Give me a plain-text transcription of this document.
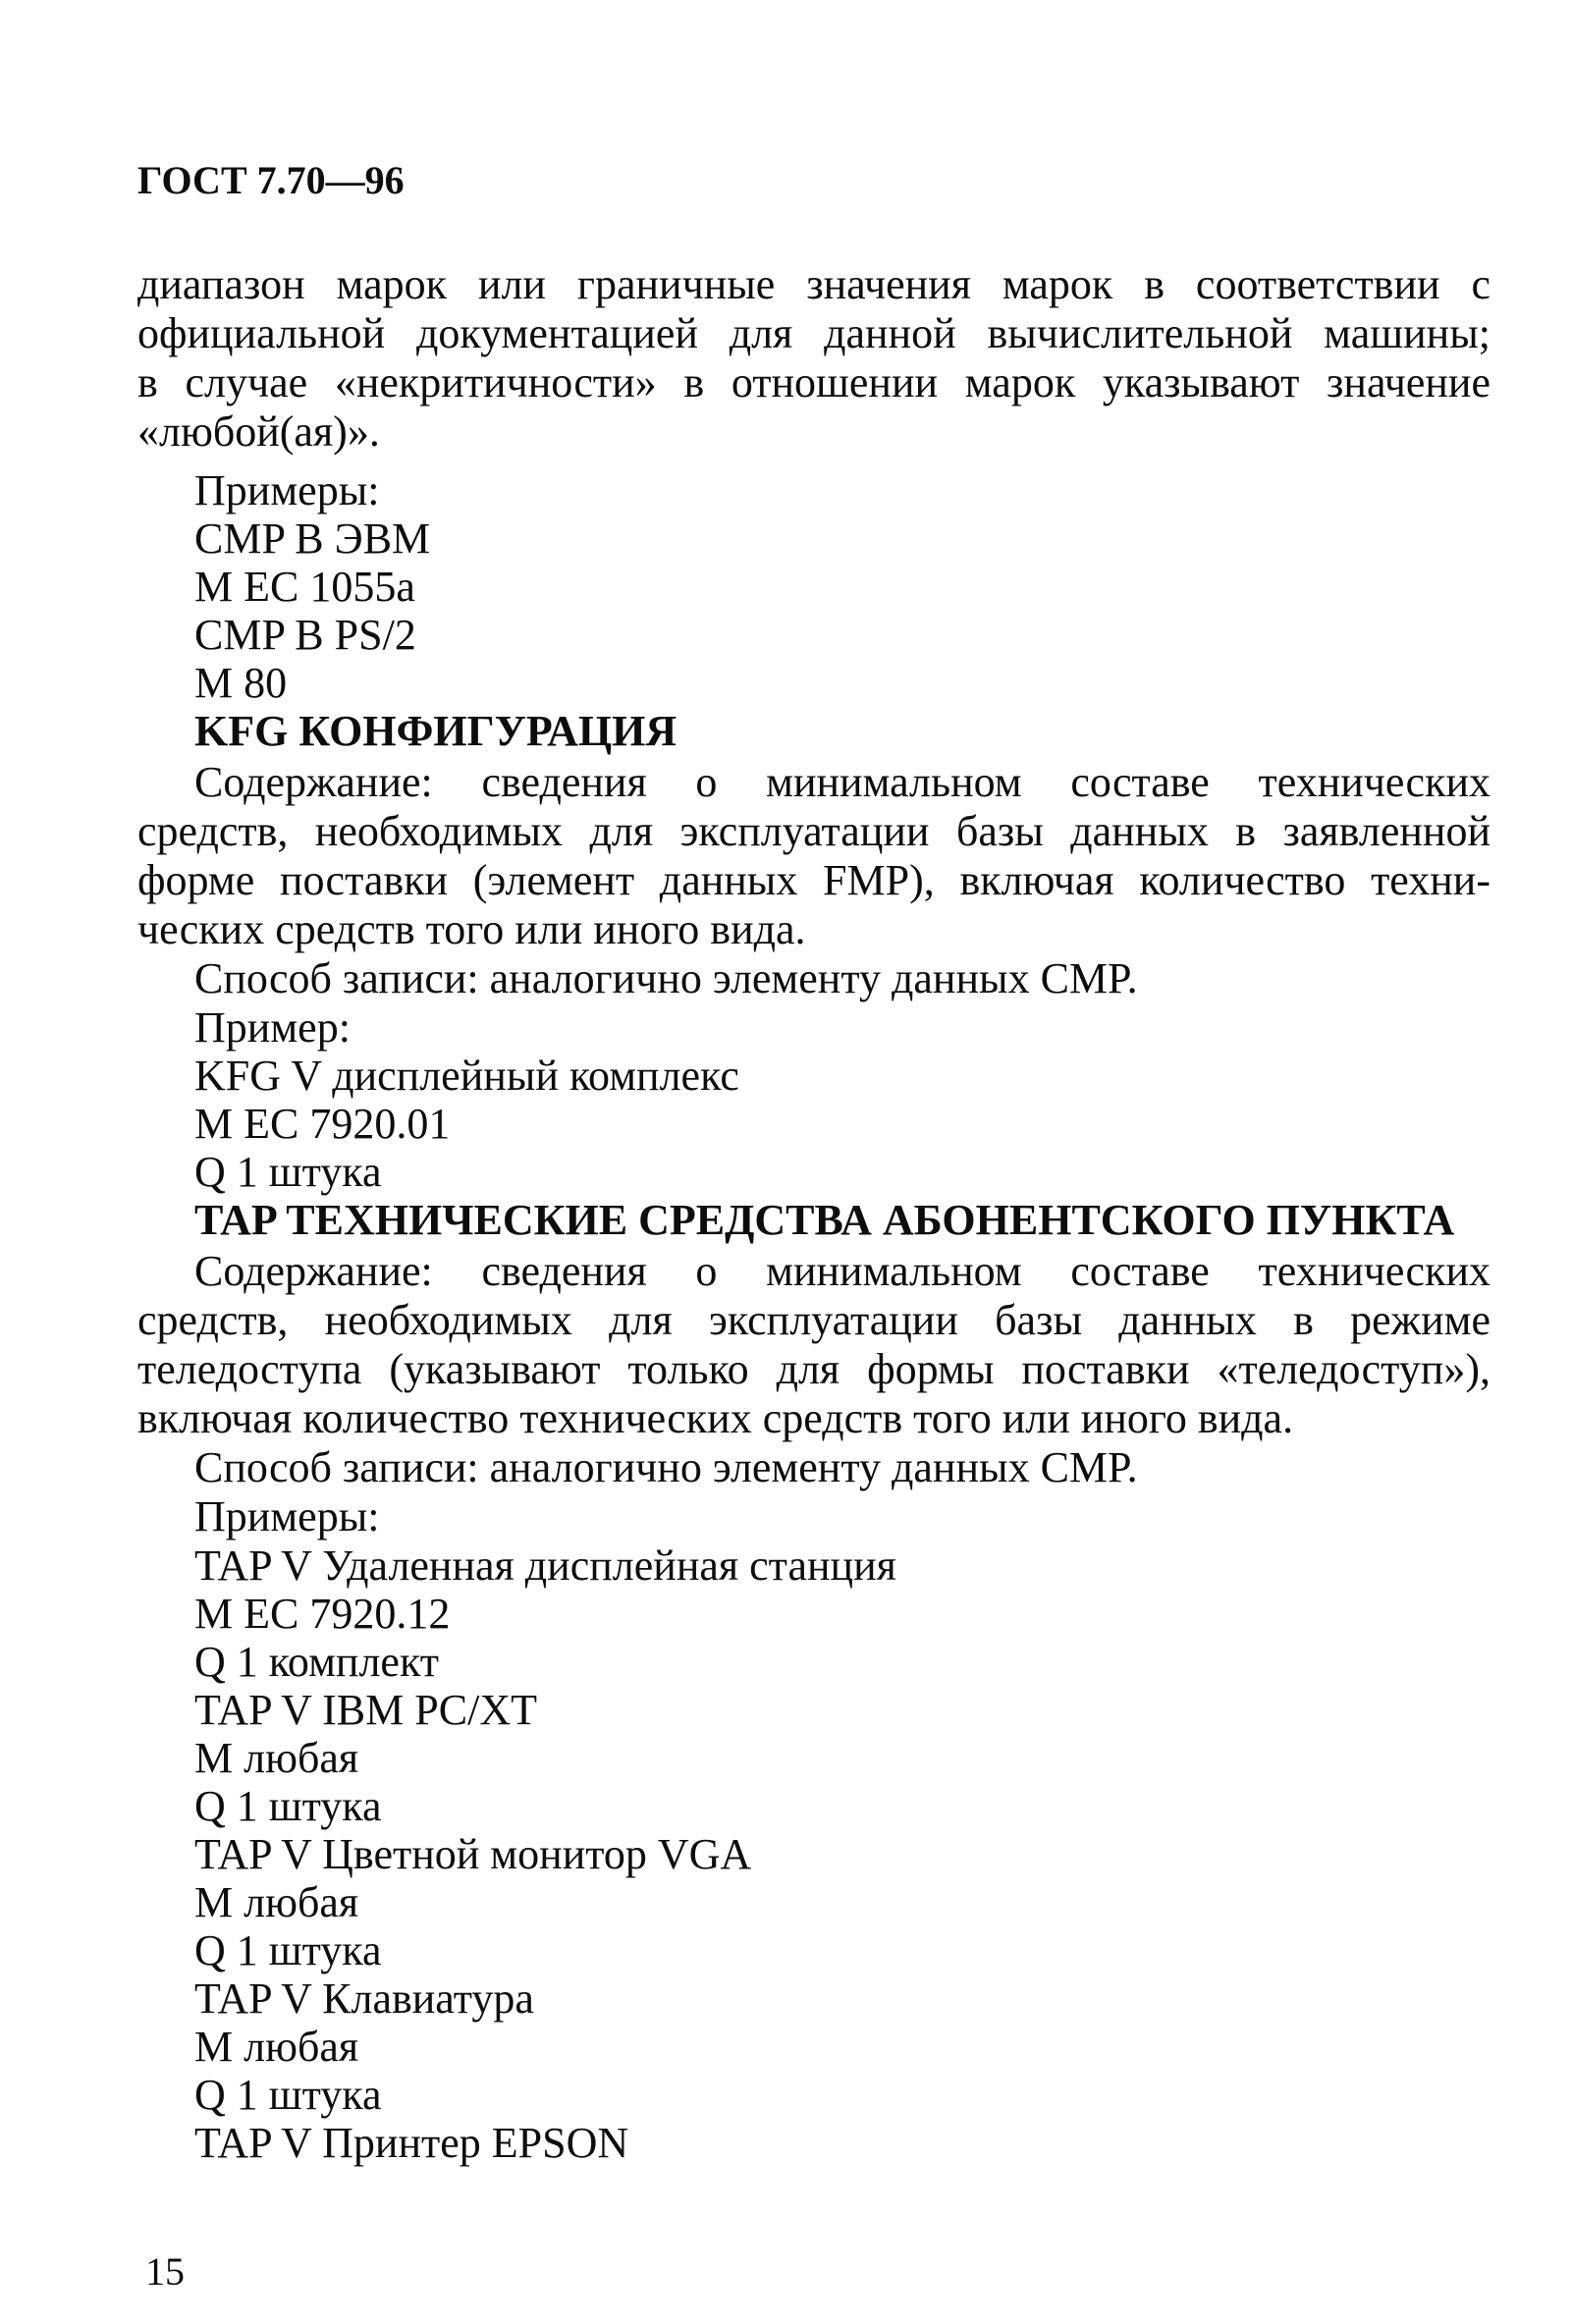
ГОСТ 7.70—96
диапазон марок или граничные значения марок в соответствии с
официальной документацией для данной вычислительной машины;
в случае «некритичности» в отношении марок указывают значение
«любой(ая)».
Примеры:
CMP B ЭВМ
M EC 1055a
CMP B PS/2
M 80
KFG КОНФИГУРАЦИЯ
Содержание: сведения о минимальном составе технических
средств, необходимых для эксплуатации базы данных в заявленной
форме поставки (элемент данных FMP), включая количество техни-
ческих средств того или иного вида.
Способ записи: аналогично элементу данных CMP.
Пример:
KFG V дисплейный комплекс
M EC 7920.01
Q 1 штука
TAP ТЕХНИЧЕСКИЕ СРЕДСТВА АБОНЕНТСКОГО ПУНКТА
Содержание: сведения о минимальном составе технических
средств, необходимых для эксплуатации базы данных в режиме
теледоступа (указывают только для формы поставки «теледоступ»),
включая количество технических средств того или иного вида.
Способ записи: аналогично элементу данных CMP.
Примеры:
TAP V Удаленная дисплейная станция
M EC 7920.12
Q 1 комплект
TAP V IBM PC/XT
M любая
Q 1 штука
TAP V Цветной монитор VGA
M любая
Q 1 штука
TAP V Клавиатура
M любая
Q 1 штука
TAP V Принтер EPSON
15
